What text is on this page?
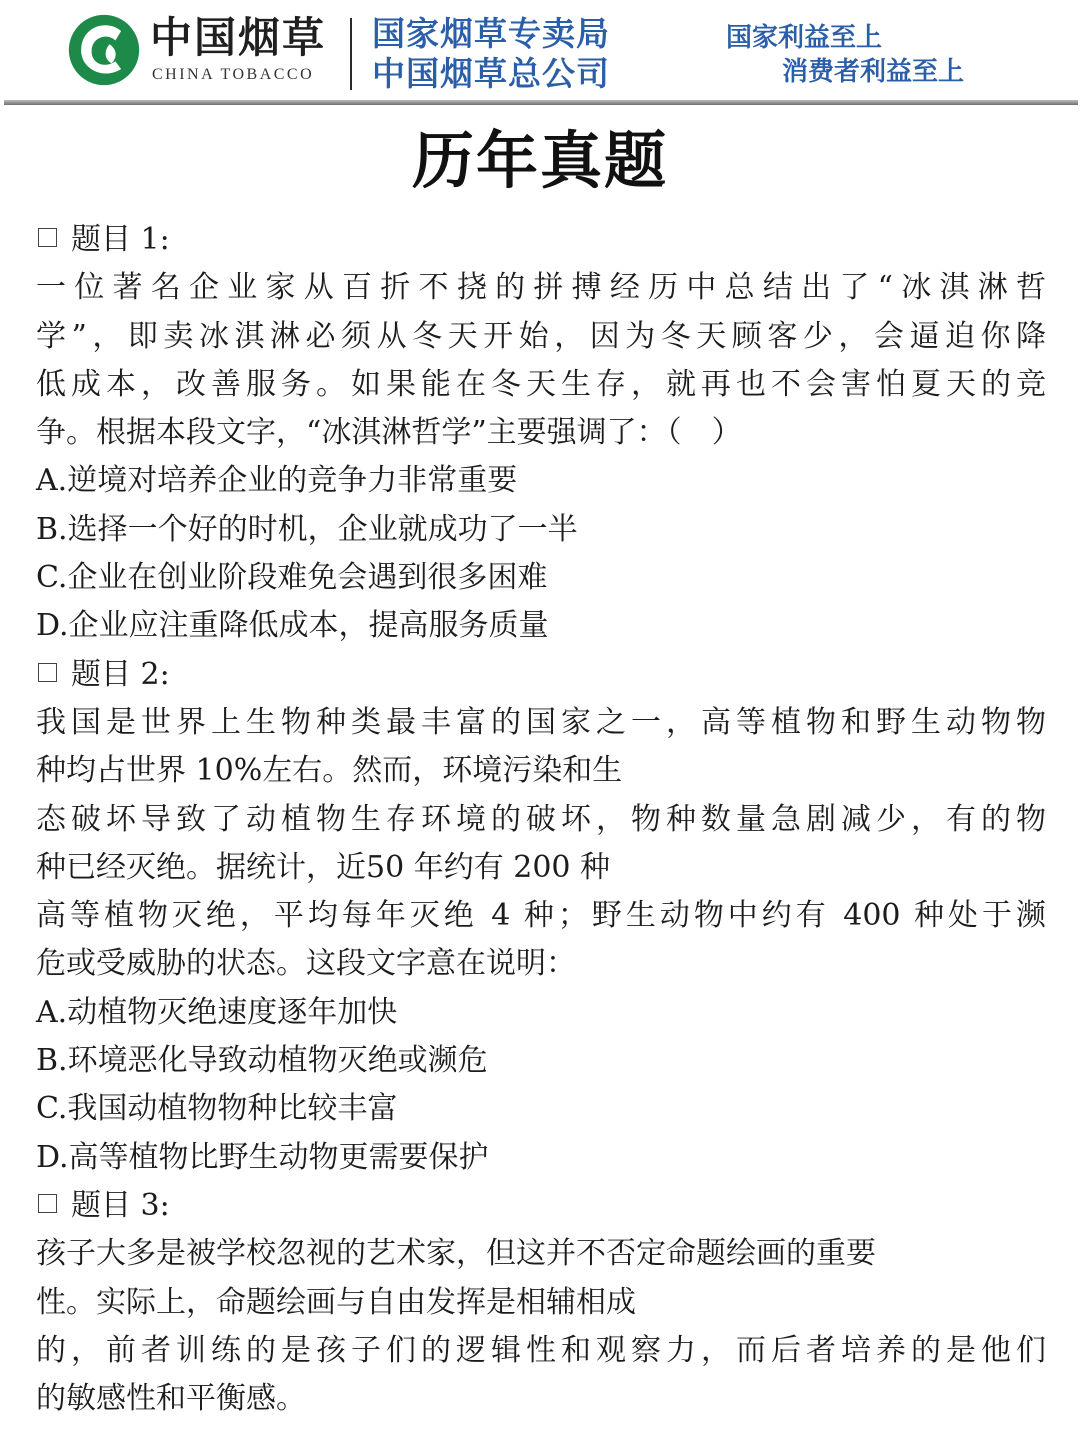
中国烟草
CHINA TOBACCO
国家烟草专卖局
中国烟草总公司
国家利益至上
消费者利益至上
历年真题
题目 1:
一位著名企业家从百折不挠的拼搏经历中总结出了“冰淇淋哲
学”，即卖冰淇淋必须从冬天开始，因为冬天顾客少，会逼迫你降
低成本，改善服务。如果能在冬天生存，就再也不会害怕夏天的竞
争。根据本段文字，“冰淇淋哲学”主要强调了：（　）
A.逆境对培养企业的竞争力非常重要
B.选择一个好的时机，企业就成功了一半
C.企业在创业阶段难免会遇到很多困难
D.企业应注重降低成本，提高服务质量
题目 2:
我国是世界上生物种类最丰富的国家之一，高等植物和野生动物物
种均占世界 10%左右。然而，环境污染和生
态破坏导致了动植物生存环境的破坏，物种数量急剧减少，有的物
种已经灭绝。据统计，近50 年约有 200 种
高等植物灭绝，平均每年灭绝 4 种；野生动物中约有 400 种处于濒
危或受威胁的状态。这段文字意在说明：
A.动植物灭绝速度逐年加快
B.环境恶化导致动植物灭绝或濒危
C.我国动植物物种比较丰富
D.高等植物比野生动物更需要保护
题目 3:
孩子大多是被学校忽视的艺术家，但这并不否定命题绘画的重要
性。实际上，命题绘画与自由发挥是相辅相成
的，前者训练的是孩子们的逻辑性和观察力，而后者培养的是他们
的敏感性和平衡感。
